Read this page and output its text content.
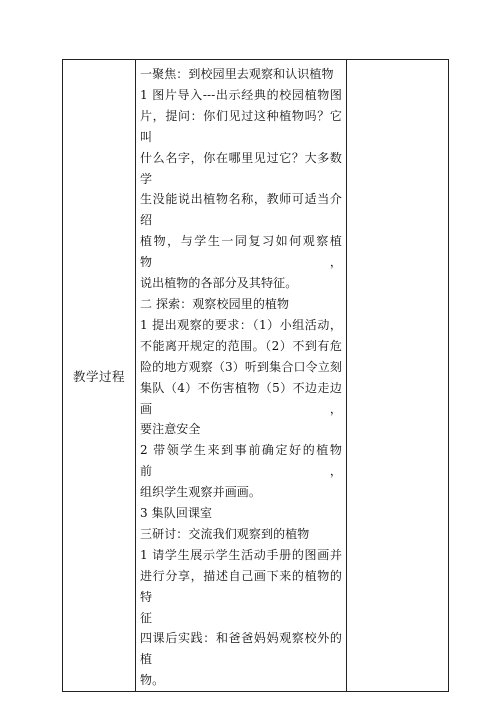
教学过程	
一聚焦：到校园里去观察和认识植物
1 图片导入---出示经典的校园植物图
片，提问：你们见过这种植物吗？它叫
什么名字，你在哪里见过它？大多数学
生没能说出植物名称，教师可适当介绍
植物，与学生一同复习如何观察植物，
说出植物的各部分及其特征。
二 探索：观察校园里的植物
1 提出观察的要求：（1）小组活动，
不能离开规定的范围。（2）不到有危
险的地方观察（3）听到集合口令立刻
集队（4）不伤害植物（5）不边走边画，
要注意安全
2 带领学生来到事前确定好的植物前，
组织学生观察并画画。
3 集队回课室
三研讨：交流我们观察到的植物
1 请学生展示学生活动手册的图画并
进行分享，描述自己画下来的植物的特
征
四课后实践：和爸爸妈妈观察校外的植
物。
